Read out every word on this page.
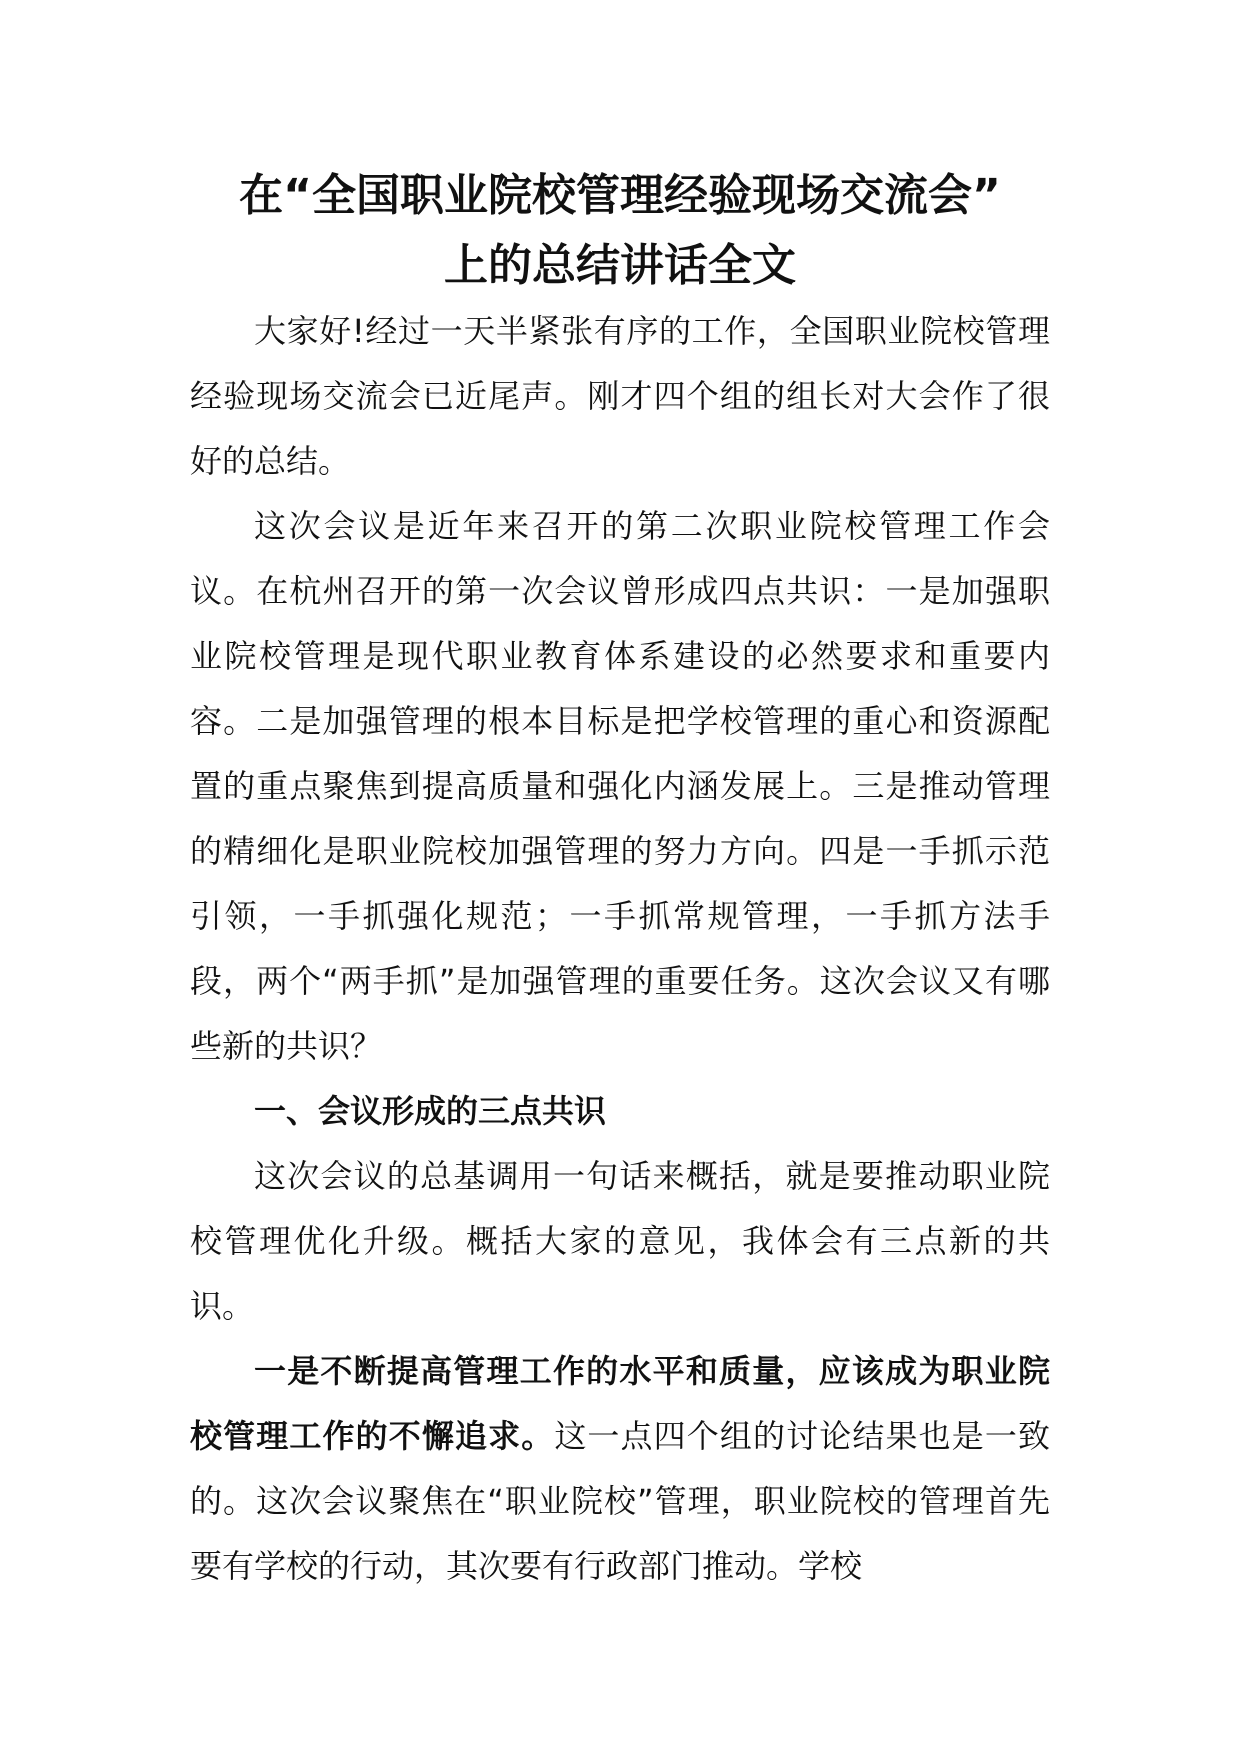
在“全国职业院校管理经验现场交流会”
上的总结讲话全文

大家好!经过一天半紧张有序的工作，全国职业院校管理经验现场交流会已近尾声。刚才四个组的组长对大会作了很好的总结。

这次会议是近年来召开的第二次职业院校管理工作会议。在杭州召开的第一次会议曾形成四点共识：一是加强职业院校管理是现代职业教育体系建设的必然要求和重要内容。二是加强管理的根本目标是把学校管理的重心和资源配置的重点聚焦到提高质量和强化内涵发展上。三是推动管理的精细化是职业院校加强管理的努力方向。四是一手抓示范引领，一手抓强化规范；一手抓常规管理，一手抓方法手段，两个“两手抓”是加强管理的重要任务。这次会议又有哪些新的共识？

一、会议形成的三点共识

这次会议的总基调用一句话来概括，就是要推动职业院校管理优化升级。概括大家的意见，我体会有三点新的共识。

一是不断提高管理工作的水平和质量，应该成为职业院校管理工作的不懈追求。这一点四个组的讨论结果也是一致的。这次会议聚焦在“职业院校”管理，职业院校的管理首先要有学校的行动，其次要有行政部门推动。学校
